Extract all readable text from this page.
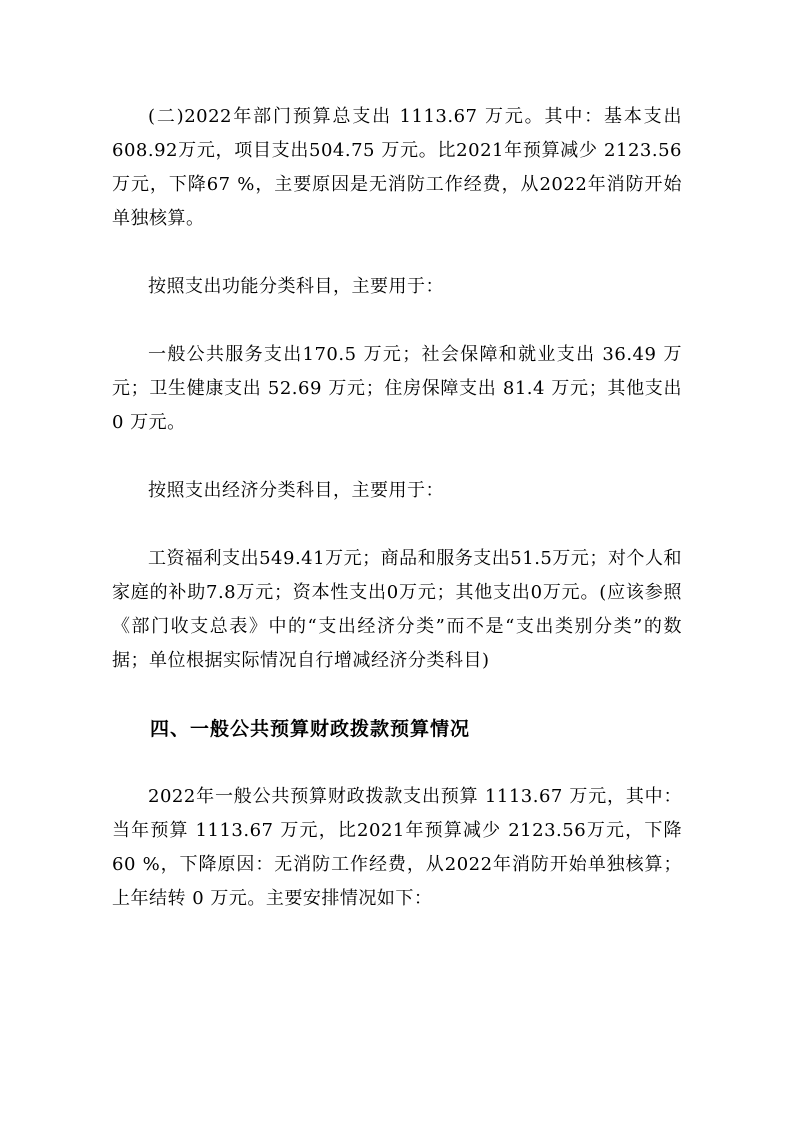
(二)2022年部门预算总支出 1113.67 万元。其中：基本支出 608.92万元，项目支出504.75 万元。比2021年预算减少 2123.56 万元，下降67 %，主要原因是无消防工作经费，从2022年消防开始单独核算。

按照支出功能分类科目，主要用于：

一般公共服务支出170.5 万元；社会保障和就业支出 36.49 万元；卫生健康支出 52.69 万元；住房保障支出 81.4 万元；其他支出 0 万元。

按照支出经济分类科目，主要用于：

工资福利支出549.41万元；商品和服务支出51.5万元；对个人和家庭的补助7.8万元；资本性支出0万元；其他支出0万元。(应该参照《部门收支总表》中的“支出经济分类”而不是“支出类别分类”的数据；单位根据实际情况自行增减经济分类科目)

四、一般公共预算财政拨款预算情况

2022年一般公共预算财政拨款支出预算 1113.67 万元，其中：当年预算 1113.67 万元，比2021年预算减少 2123.56万元，下降60 %，下降原因：无消防工作经费，从2022年消防开始单独核算；上年结转 0 万元。主要安排情况如下：
